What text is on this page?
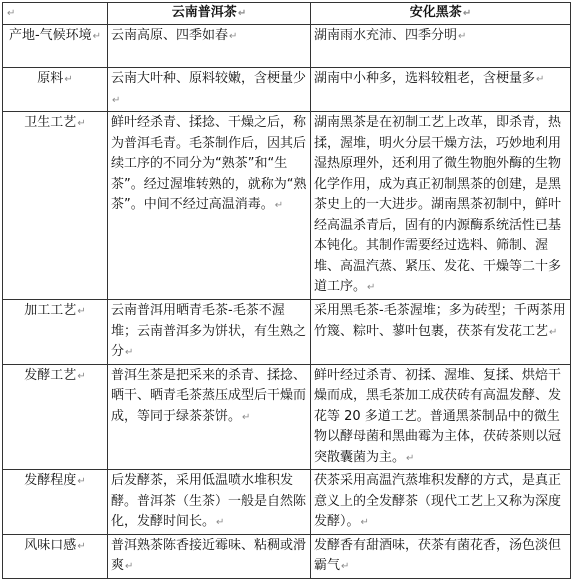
↵	云南普洱茶↵	安化黑茶↵
产地-气候环境↵	云南高原、四季如春↵	湖南雨水充沛、四季分明↵
原料↵	云南大叶种、原料较嫩，含梗量少↵	湖南中小种多，选料较粗老，含梗量多↵
卫生工艺↵	鲜叶经杀青、揉捻、干燥之后，称为普洱毛青。毛茶制作后，因其后续工序的不同分为“熟茶”和“生茶”。经过渥堆转熟的，就称为“熟茶”。中间不经过高温消毒。↵	湖南黑茶是在初制工艺上改革，即杀青，热揉，渥堆，明火分层干燥方法，巧妙地利用湿热原理外，还利用了微生物胞外酶的生物化学作用，成为真正初制黑茶的创建，是黑茶史上的一大进步。湖南黑茶初制中，鲜叶经高温杀青后，固有的内源酶系统活性已基本钝化。其制作需要经过选料、筛制、渥堆、高温汽蒸、紧压、发花、干燥等二十多道工序。↵
加工工艺↵	云南普洱用晒青毛茶-毛茶不渥堆；云南普洱多为饼状，有生熟之分↵	采用黑毛茶-毛茶渥堆；多为砖型；千两茶用竹篾、粽叶、蓼叶包裹，茯茶有发花工艺↵
发酵工艺↵	普洱生茶是把采来的杀青、揉捻、晒干、晒青毛茶蒸压成型后干燥而成，等同于绿茶茶饼。↵	鲜叶经过杀青、初揉、渥堆、复揉、烘焙干燥而成，黑毛茶加工成茯砖有高温发酵、发花等 20 多道工艺。普通黑茶制品中的微生物以酵母菌和黑曲霉为主体，茯砖茶则以冠突散囊菌为主。↵
发酵程度↵	后发酵茶，采用低温喷水堆积发酵。普洱茶（生茶）一般是自然陈化，发酵时间长。↵	茯茶采用高温汽蒸堆积发酵的方式，是真正意义上的全发酵茶（现代工艺上又称为深度发酵）。↵
风味口感↵	普洱熟茶陈香接近霉味、粘稠或滑爽↵	发酵香有甜酒味，茯茶有菌花香，汤色淡但霸气↵
